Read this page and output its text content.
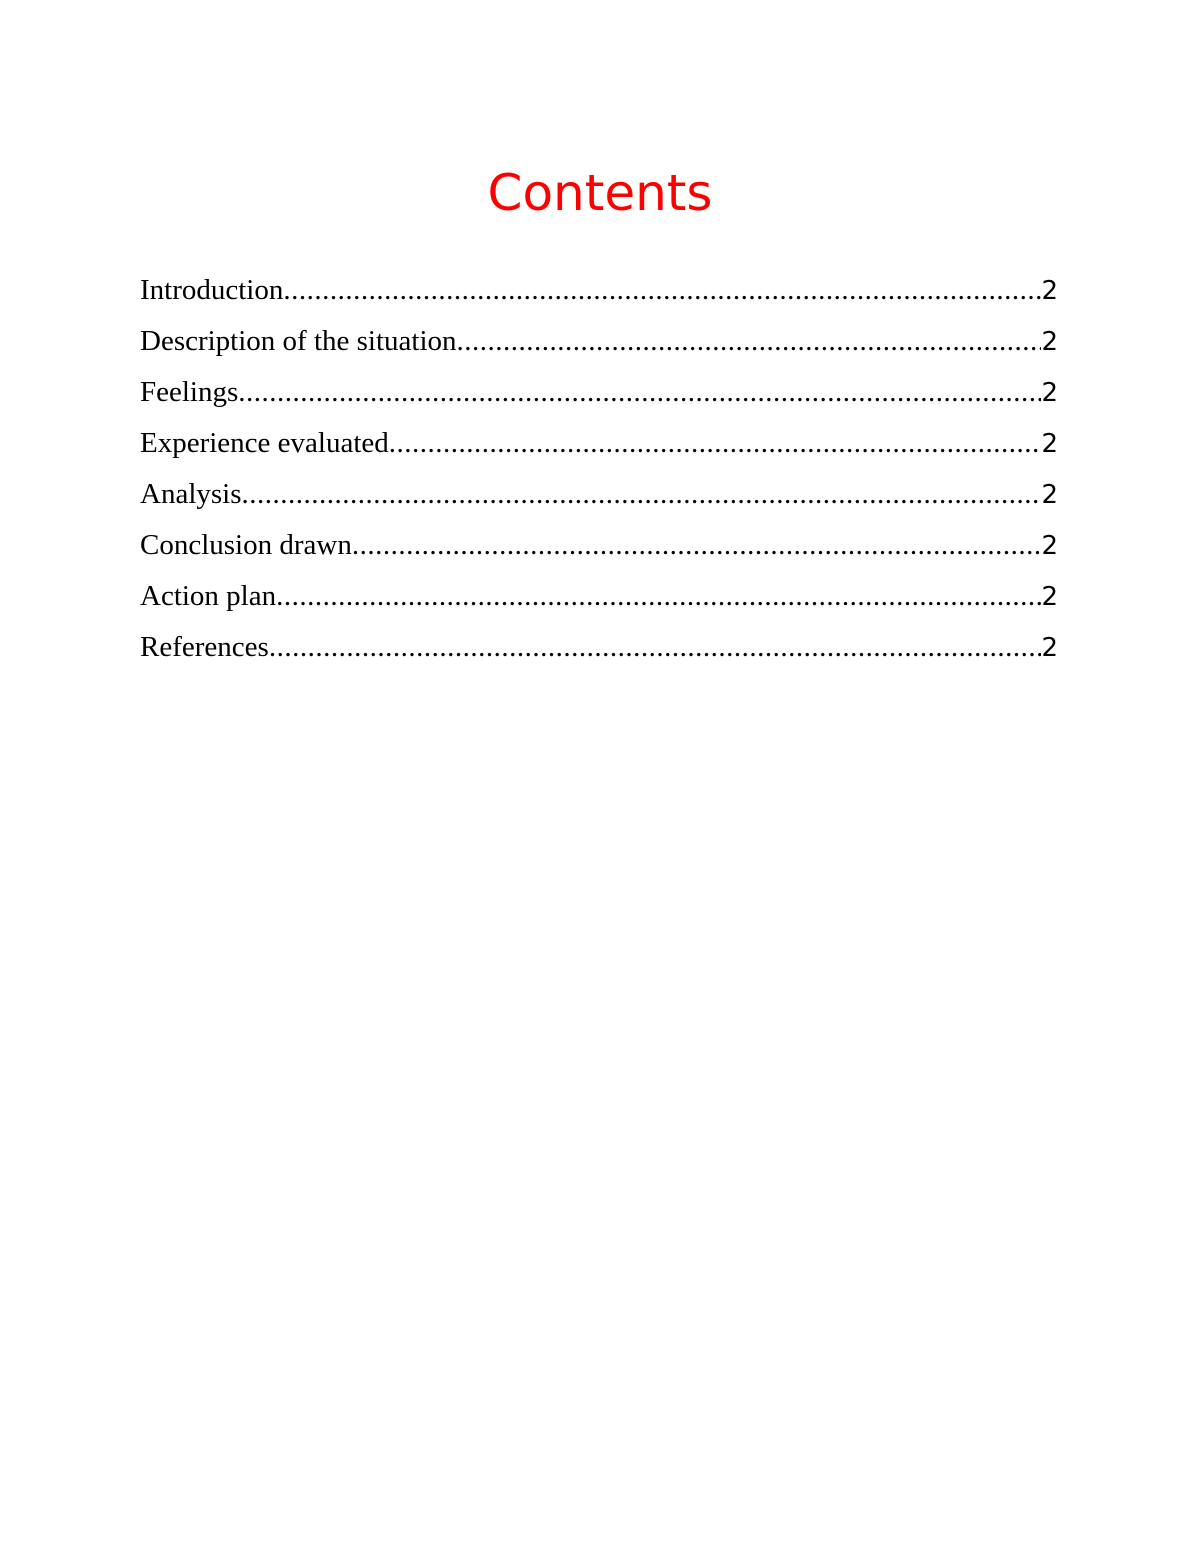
Contents
Introduction .....	2
Description of the situation .....	2
Feelings .....	2
Experience evaluated .....	2
Analysis .....	2
Conclusion drawn .....	2
Action plan .....	2
References .....	2
